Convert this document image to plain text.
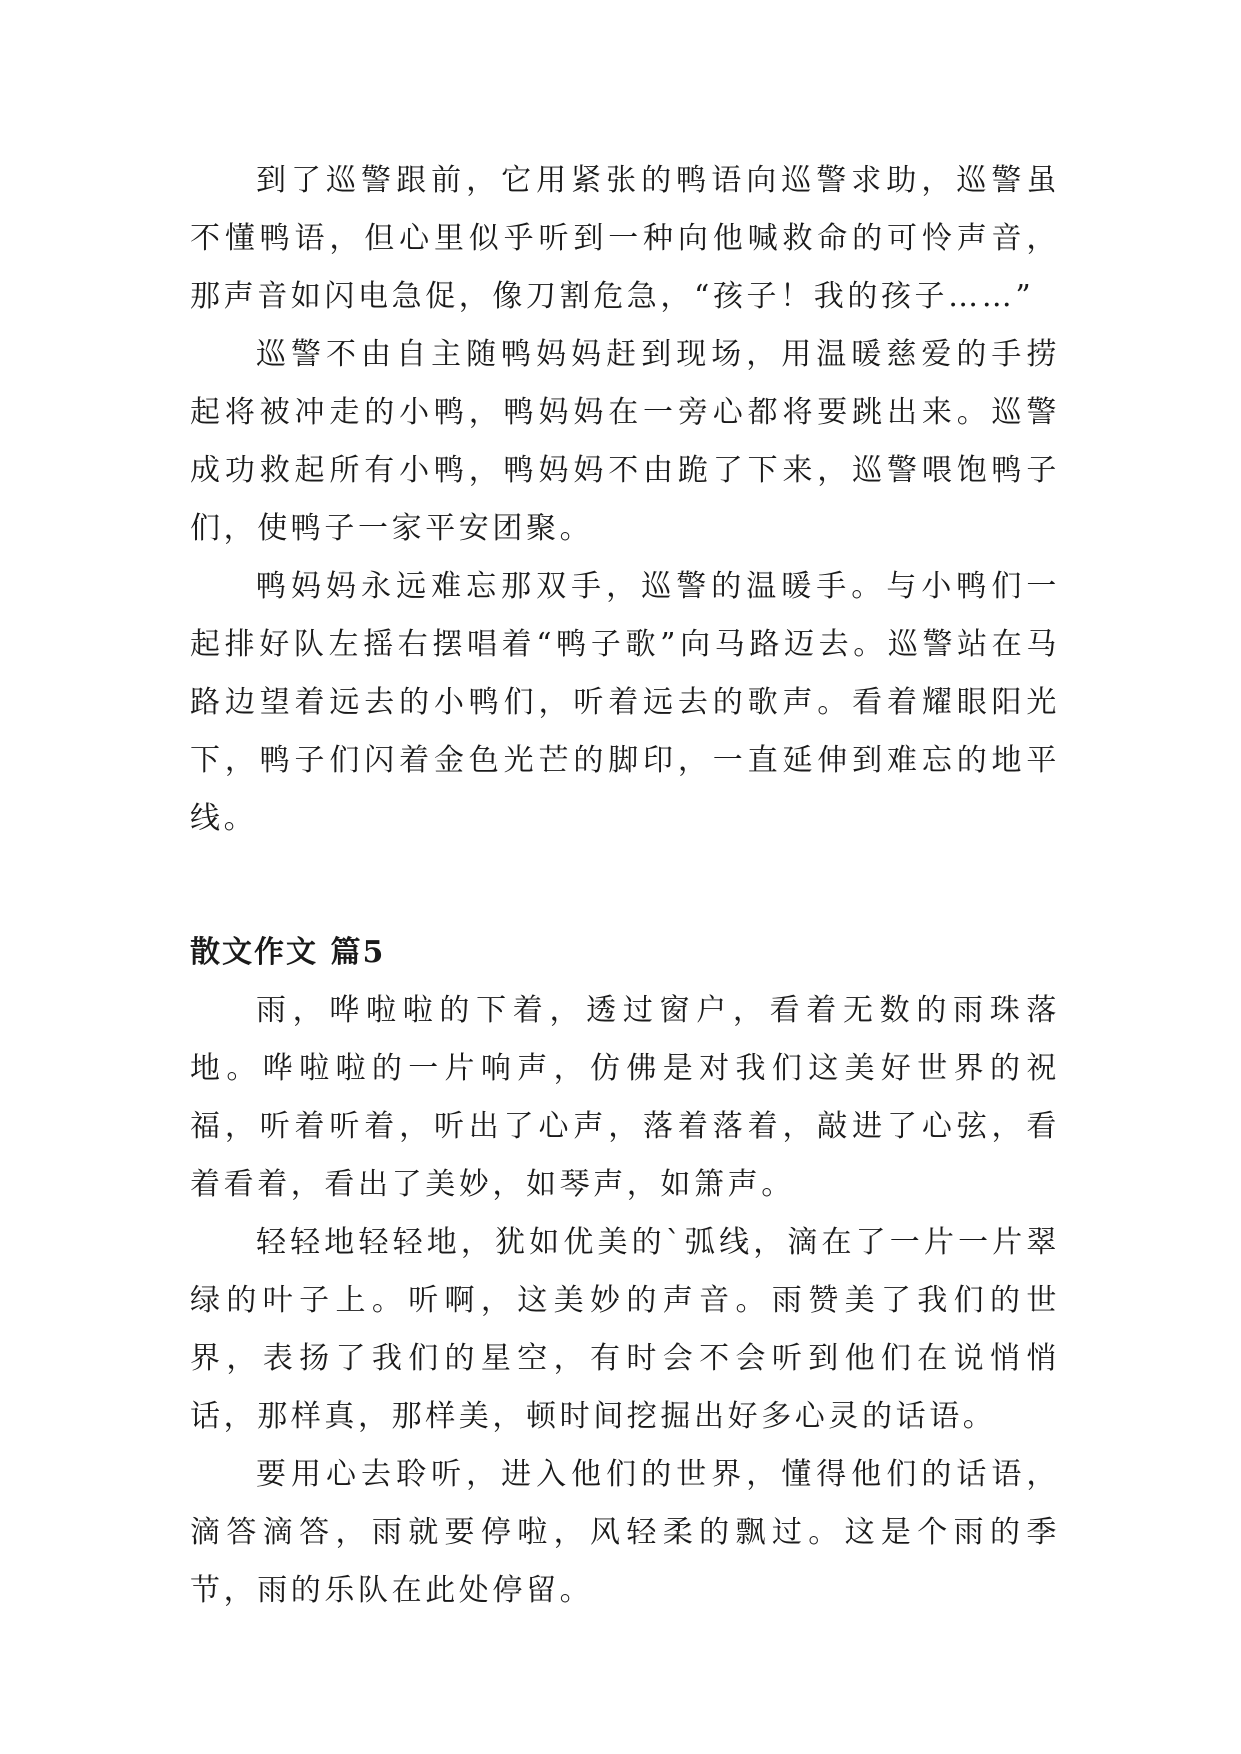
到了巡警跟前，它用紧张的鸭语向巡警求助，巡警虽不懂鸭语，但心里似乎听到一种向他喊救命的可怜声音，那声音如闪电急促，像刀割危急，“孩子！我的孩子……”

巡警不由自主随鸭妈妈赶到现场，用温暖慈爱的手捞起将被冲走的小鸭，鸭妈妈在一旁心都将要跳出来。巡警成功救起所有小鸭，鸭妈妈不由跪了下来，巡警喂饱鸭子们，使鸭子一家平安团聚。

鸭妈妈永远难忘那双手，巡警的温暖手。与小鸭们一起排好队左摇右摆唱着“鸭子歌”向马路迈去。巡警站在马路边望着远去的小鸭们，听着远去的歌声。看着耀眼阳光下，鸭子们闪着金色光芒的脚印，一直延伸到难忘的地平线。

散文作文 篇5

雨，哗啦啦的下着，透过窗户，看着无数的雨珠落地。哗啦啦的一片响声，仿佛是对我们这美好世界的祝福，听着听着，听出了心声，落着落着，敲进了心弦，看着看着，看出了美妙，如琴声，如箫声。

轻轻地轻轻地，犹如优美的`弧线，滴在了一片一片翠绿的叶子上。听啊，这美妙的声音。雨赞美了我们的世界，表扬了我们的星空，有时会不会听到他们在说悄悄话，那样真，那样美，顿时间挖掘出好多心灵的话语。

要用心去聆听，进入他们的世界，懂得他们的话语，滴答滴答，雨就要停啦，风轻柔的飘过。这是个雨的季节，雨的乐队在此处停留。
